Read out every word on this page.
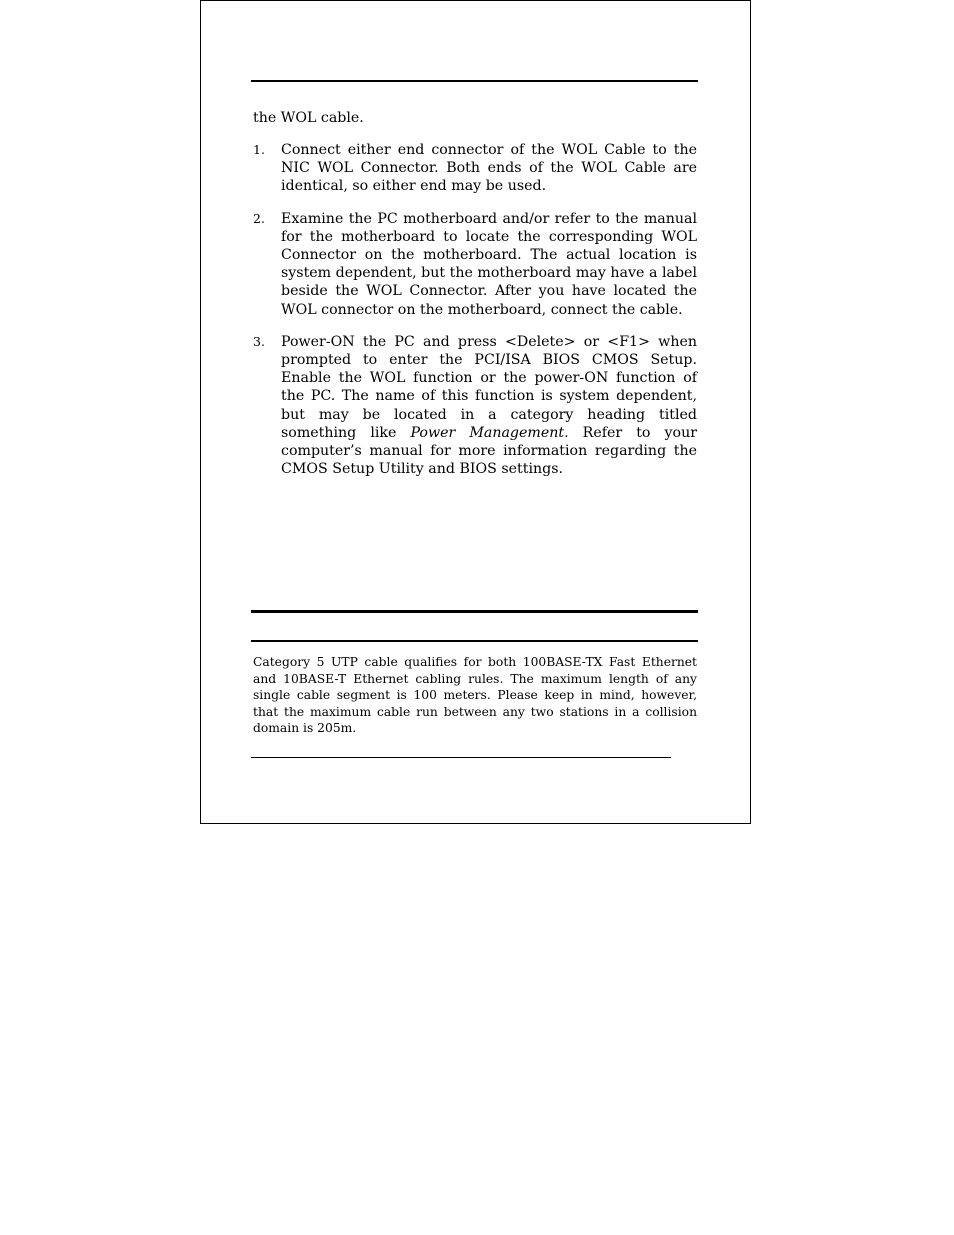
the WOL cable.

1.	Connect either end connector of the WOL Cable to the NIC WOL Connector. Both ends of the WOL Cable are identical, so either end may be used.
2.	Examine the PC motherboard and/or refer to the manual for the motherboard to locate the corresponding WOL Connector on the motherboard. The actual location is system dependent, but the motherboard may have a label beside the WOL Connector. After you have located the WOL connector on the motherboard, connect the cable.
3.	Power-ON the PC and press <Delete> or <F1> when prompted to enter the PCI/ISA BIOS CMOS Setup. Enable the WOL function or the power-ON function of the PC. The name of this function is system dependent, but may be located in a category heading titled something like Power Management. Refer to your computer’s manual for more information regarding the CMOS Setup Utility and BIOS settings.

Category 5 UTP cable qualifies for both 100BASE-TX Fast Ethernet and 10BASE-T Ethernet cabling rules. The maximum length of any single cable segment is 100 meters. Please keep in mind, however, that the maximum cable run between any two stations in a collision domain is 205m.
